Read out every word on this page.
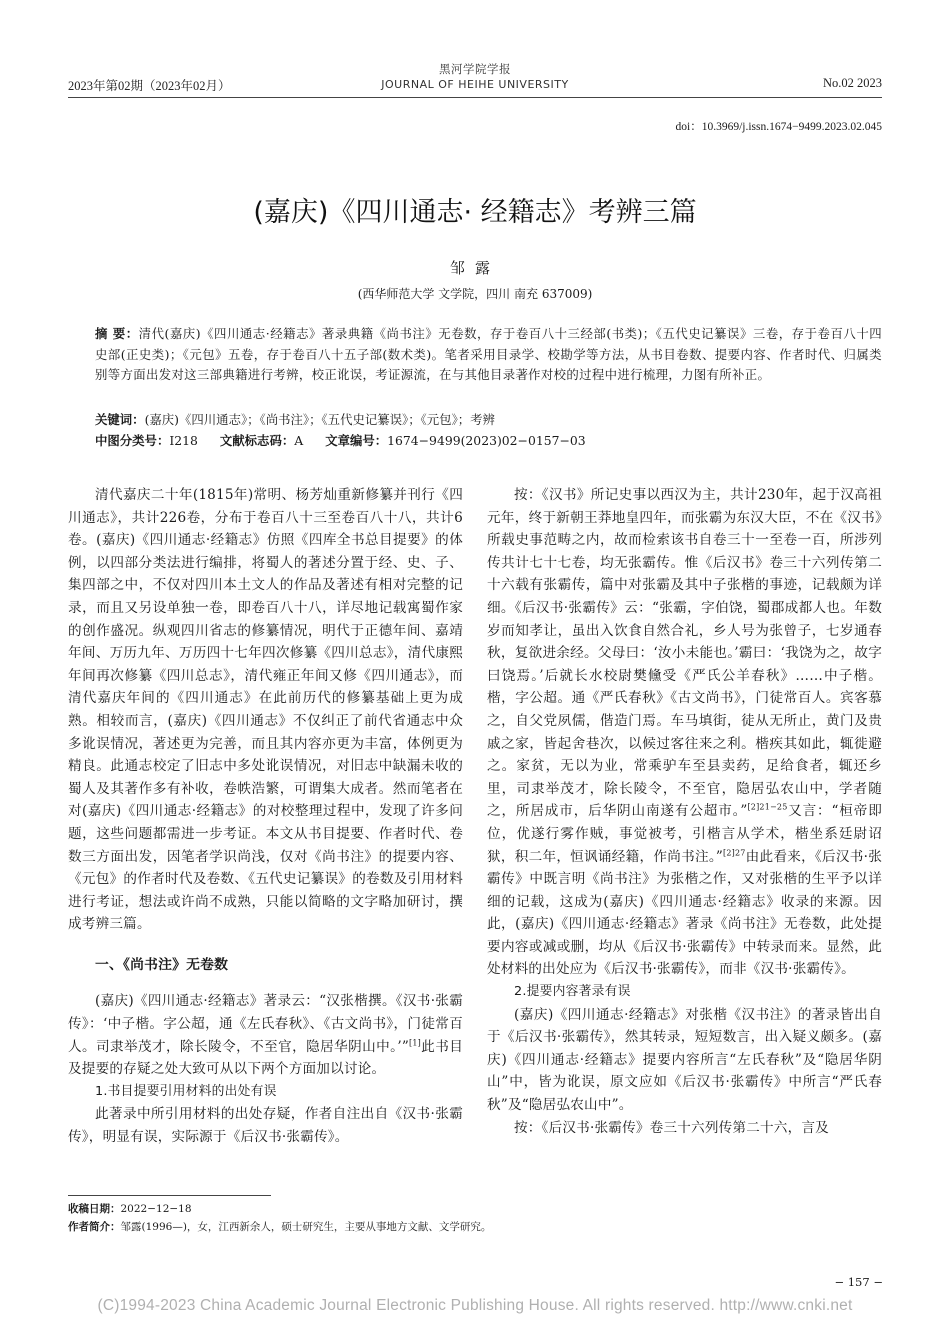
2023年第02期（2023年02月）
黑河学院学报
JOURNAL OF HEIHE UNIVERSITY	No.02 2023
doi：10.3969/j.issn.1674−9499.2023.02.045
(嘉庆)《四川通志· 经籍志》考辨三篇
邹露
(西华师范大学 文学院，四川 南充 637009)
摘 要：清代(嘉庆)《四川通志·经籍志》著录典籍《尚书注》无卷数，存于卷百八十三经部(书类)；《五代史记纂误》三卷，存于卷百八十四史部(正史类)；《元包》五卷，存于卷百八十五子部(数术类)。笔者采用目录学、校勘学等方法，从书目卷数、提要内容、作者时代、归属类别等方面出发对这三部典籍进行考辨，校正讹误，考证源流，在与其他目录著作对校的过程中进行梳理，力图有所补正。
关键词：(嘉庆)《四川通志》；《尚书注》；《五代史记纂误》；《元包》；考辨
中图分类号：I218 文献标志码：A 文章编号：1674−9499(2023)02−0157−03

清代嘉庆二十年(1815年)常明、杨芳灿重新修纂并刊行《四川通志》，共计226卷，分布于卷百八十三至卷百八十八，共计6卷。(嘉庆)《四川通志·经籍志》仿照《四库全书总目提要》的体例，以四部分类法进行编排，将蜀人的著述分置于经、史、子、集四部之中，不仅对四川本土文人的作品及著述有相对完整的记录，而且又另设单独一卷，即卷百八十八，详尽地记载寓蜀作家的创作盛况。纵观四川省志的修纂情况，明代于正德年间、嘉靖年间、万历九年、万历四十七年四次修纂《四川总志》，清代康熙年间再次修纂《四川总志》，清代雍正年间又修《四川通志》，而清代嘉庆年间的《四川通志》在此前历代的修纂基础上更为成熟。相较而言，(嘉庆)《四川通志》不仅纠正了前代省通志中众多讹误情况，著述更为完善，而且其内容亦更为丰富，体例更为精良。此通志校定了旧志中多处讹误情况，对旧志中缺漏未收的蜀人及其著作多有补收，卷帙浩繁，可谓集大成者。然而笔者在对(嘉庆)《四川通志·经籍志》的对校整理过程中，发现了许多问题，这些问题都需进一步考证。本文从书目提要、作者时代、卷数三方面出发，因笔者学识尚浅，仅对《尚书注》的提要内容、《元包》的作者时代及卷数、《五代史记纂误》的卷数及引用材料进行考证，想法或许尚不成熟，只能以简略的文字略加研讨，撰成考辨三篇。

一、《尚书注》无卷数

(嘉庆)《四川通志·经籍志》著录云：“汉张楷撰。《汉书·张霸传》：‘中子楷。字公超，通《左氏春秋》、《古文尚书》，门徒常百人。司隶举茂才，除长陵令，不至官，隐居华阴山中。’”[1]此书目及提要的存疑之处大致可从以下两个方面加以讨论。

1.书目提要引用材料的出处有误

此著录中所引用材料的出处存疑，作者自注出自《汉书·张霸传》，明显有误，实际源于《后汉书·张霸传》。

按：《汉书》所记史事以西汉为主，共计230年，起于汉高祖元年，终于新朝王莽地皇四年，而张霸为东汉大臣，不在《汉书》所载史事范畴之内，故而检索该书自卷三十一至卷一百，所涉列传共计七十七卷，均无张霸传。惟《后汉书》卷三十六列传第二十六载有张霸传，篇中对张霸及其中子张楷的事迹，记载颇为详细。《后汉书·张霸传》云：“张霸，字伯饶，蜀郡成都人也。年数岁而知孝让，虽出入饮食自然合礼，乡人号为张曾子，七岁通春秋，复欲进余经。父母曰：‘汝小未能也。’霸曰：‘我饶为之，故字曰饶焉。’后就长水校尉樊儵受《严氏公羊春秋》……中子楷。楷，字公超。通《严氏春秋》《古文尚书》，门徒常百人。宾客慕之，自父党夙儒，偕造门焉。车马填街，徒从无所止，黄门及贵戚之家，皆起舍巷次，以候过客往来之利。楷疾其如此，辄徙避之。家贫，无以为业，常乘驴车至县卖药，足给食者，辄还乡里，司隶举茂才，除长陵令，不至官，隐居弘农山中，学者随之，所居成市，后华阴山南遂有公超市。”$^{[2]21-25}$又言：“桓帝即位，优遂行雾作贼，事觉被考，引楷言从学术，楷坐系廷尉诏狱，积二年，恒讽诵经籍，作尚书注。”$^{[2]27}$由此看来，《后汉书·张霸传》中既言明《尚书注》为张楷之作，又对张楷的生平予以详细的记载，这成为(嘉庆)《四川通志·经籍志》收录的来源。因此，(嘉庆)《四川通志·经籍志》著录《尚书注》无卷数，此处提要内容或减或删，均从《后汉书·张霸传》中转录而来。显然，此处材料的出处应为《后汉书·张霸传》，而非《汉书·张霸传》。

2.提要内容著录有误

(嘉庆)《四川通志·经籍志》对张楷《汉书注》的著录皆出自于《后汉书·张霸传》，然其转录，短短数言，出入疑义颇多。(嘉庆)《四川通志·经籍志》提要内容所言“左氏春秋”及“隐居华阴山”中，皆为讹误，原文应如《后汉书·张霸传》中所言“严氏春秋”及“隐居弘农山中”。

按：《后汉书·张霸传》卷三十六列传第二十六，言及

收稿日期：2022−12−18
作者简介：邹露(1996—)，女，江西新余人，硕士研究生，主要从事地方文献、文学研究。
− 157 −
(C)1994-2023 China Academic Journal Electronic Publishing House. All rights reserved. http://www.cnki.net
